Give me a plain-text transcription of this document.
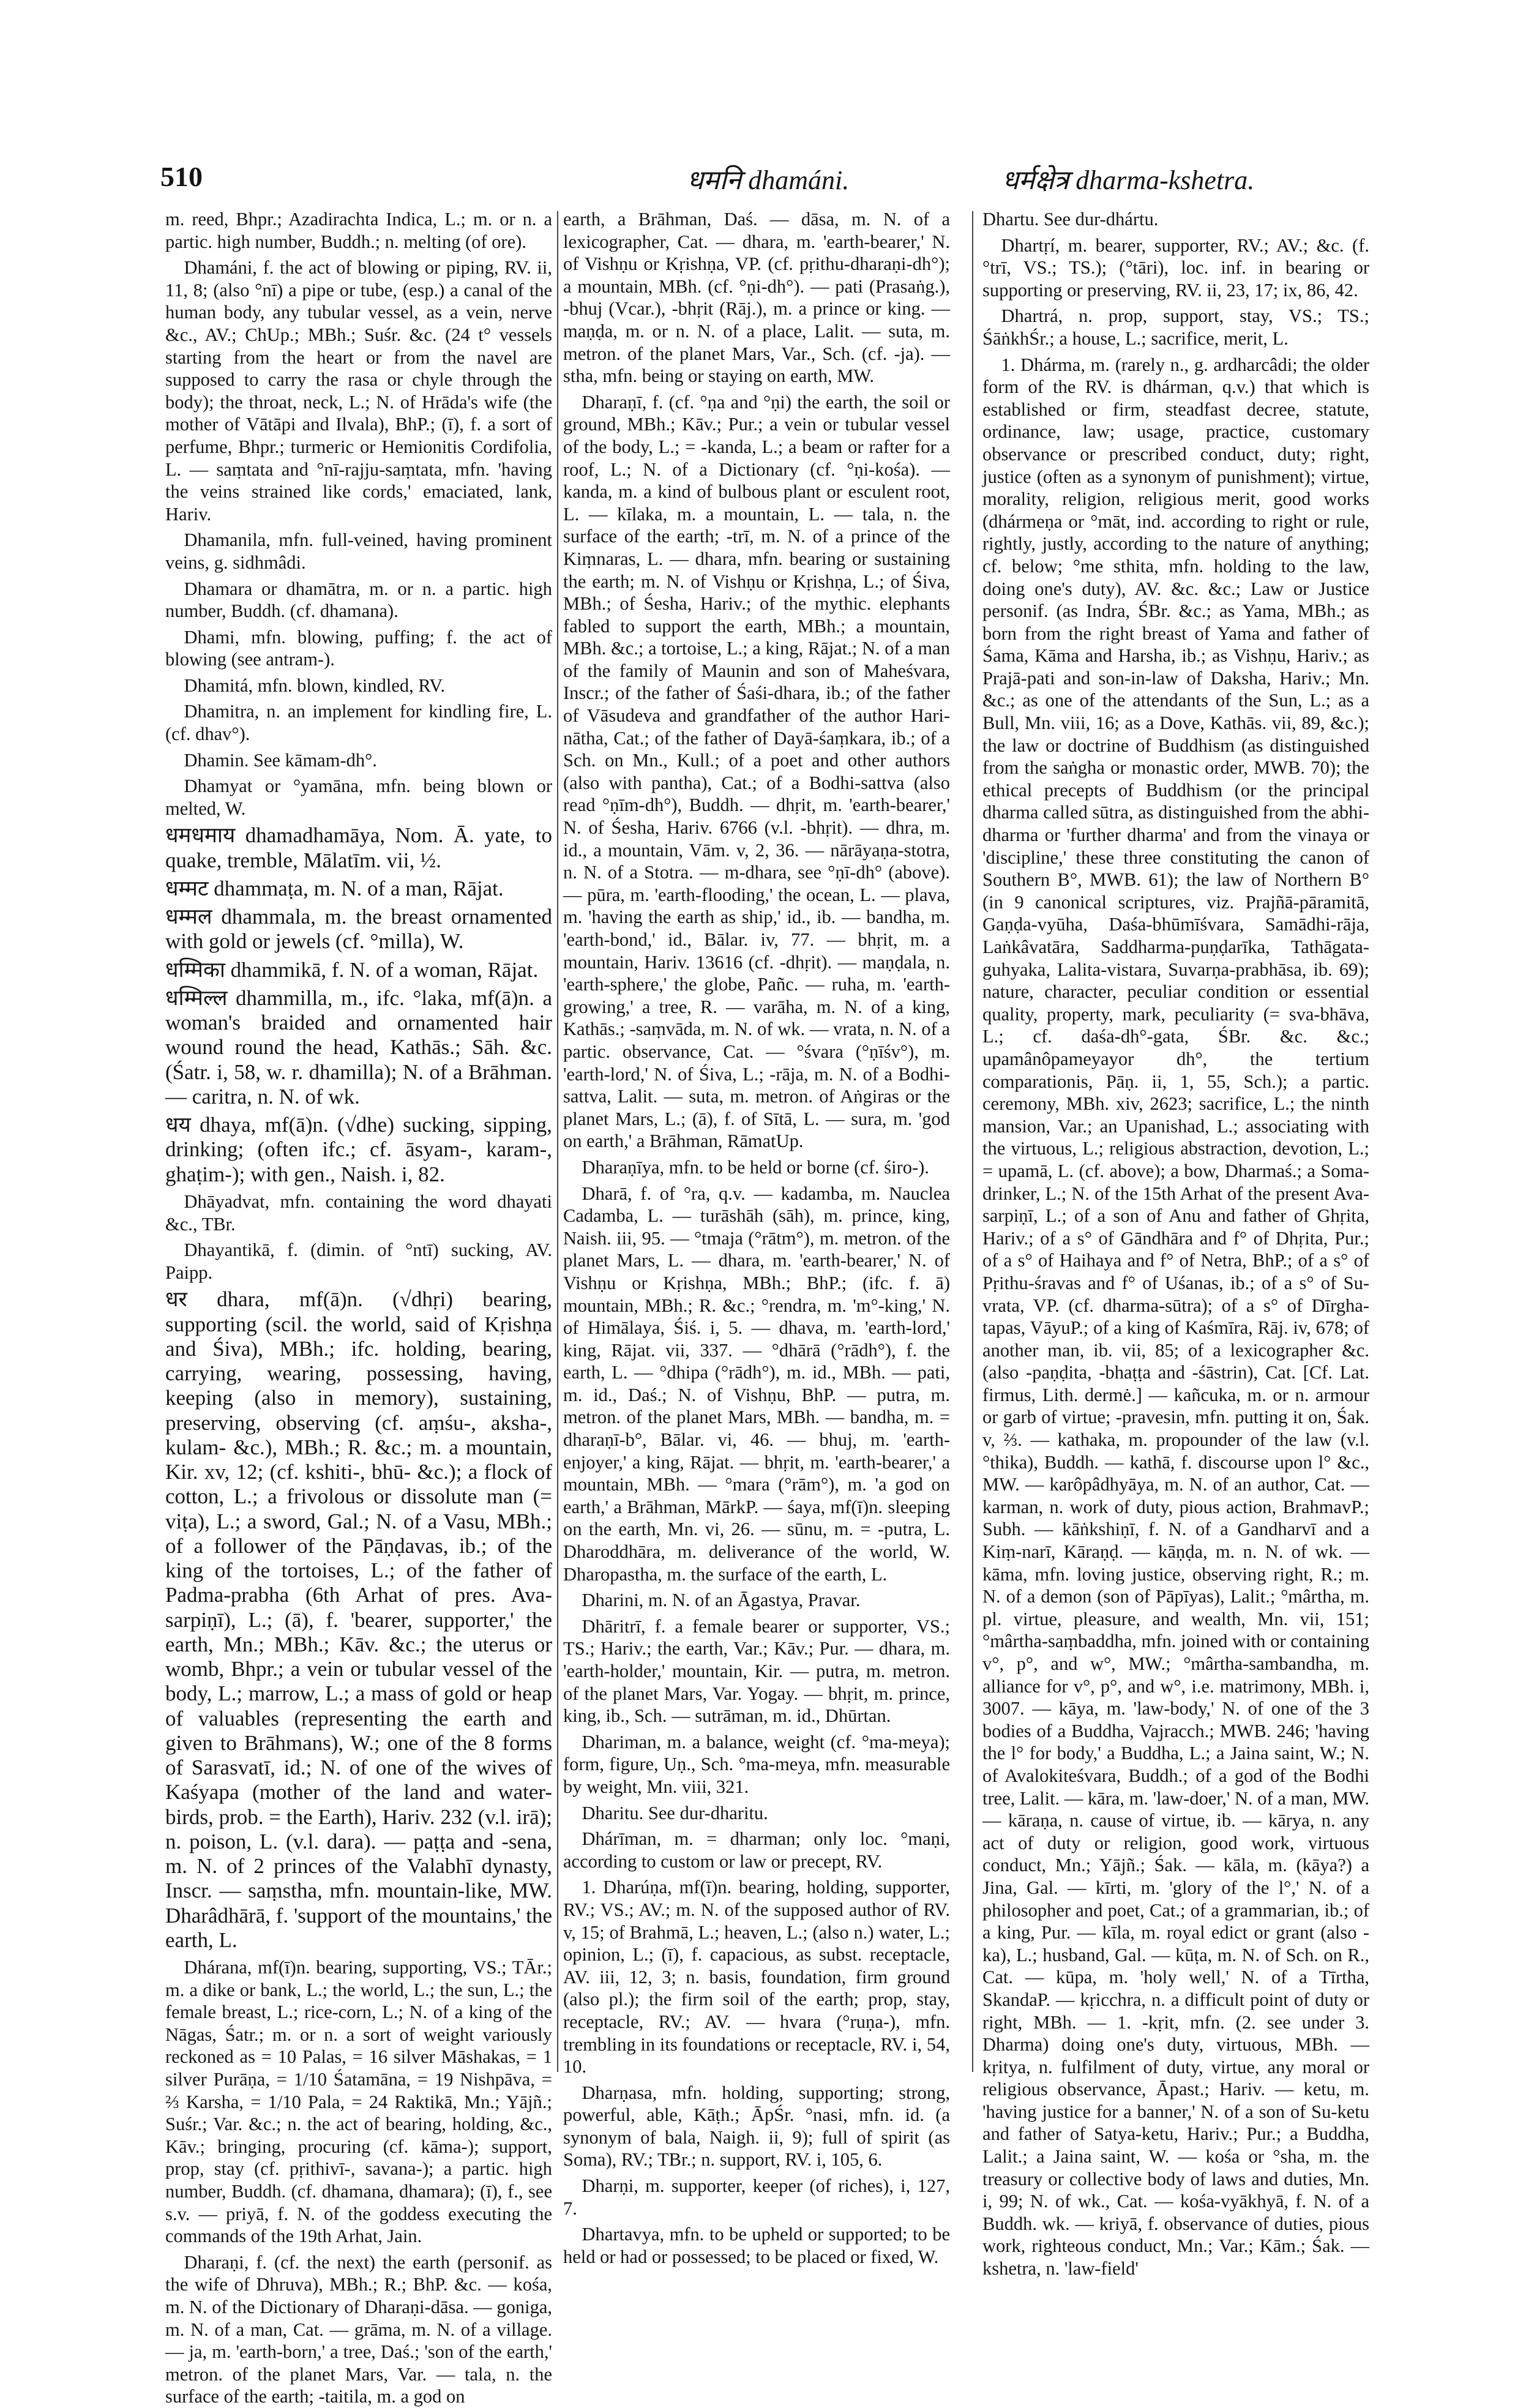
510	धमनि dhamáni.	धर्मक्षेत्र dharma-kshetra.

m. reed, Bhpr.; Azadirachta Indica, L.; m. or n. a partic. high number, Buddh.; n. melting (of ore).

Dhamáni, f. the act of blowing or piping, RV. ii, 11, 8; (also °nī) a pipe or tube, (esp.) a canal of the human body, any tubular vessel, as a vein, nerve &c., AV.; ChUp.; MBh.; Suśr. &c. (24 t° vessels starting from the heart or from the navel are supposed to carry the rasa or chyle through the body); the throat, neck, L.; N. of Hrāda's wife (the mother of Vātāpi and Ilvala), BhP.; (ī), f. a sort of perfume, Bhpr.; turmeric or Hemionitis Cordifolia, L. — saṃtata and °nī-rajju-saṃtata, mfn. 'having the veins strained like cords,' emaciated, lank, Hariv.

Dhamanila, mfn. full-veined, having prominent veins, g. sidhmâdi.

Dhamara or dhamātra, m. or n. a partic. high number, Buddh. (cf. dhamana).

Dhami, mfn. blowing, puffing; f. the act of blowing (see antram-).

Dhamitá, mfn. blown, kindled, RV.

Dhamitra, n. an implement for kindling fire, L. (cf. dhav°).

Dhamin. See kāmam-dh°.

Dhamyat or °yamāna, mfn. being blown or melted, W.

धमधमाय dhamadhamāya, Nom. Ā. yate, to quake, tremble, Mālatīm. vii, ½.

धम्मट dhammaṭa, m. N. of a man, Rājat.

धम्मल dhammala, m. the breast ornamented with gold or jewels (cf. °milla), W.

धम्मिका dhammikā, f. N. of a woman, Rājat.

धम्मिल्ल dhammilla, m., ifc. °laka, mf(ā)n. a woman's braided and ornamented hair wound round the head, Kathās.; Sāh. &c. (Śatr. i, 58, w. r. dhamilla); N. of a Brāhman. — caritra, n. N. of wk.

धय dhaya, mf(ā)n. (√dhe) sucking, sipping, drinking; (often ifc.; cf. āsyam-, karam-, ghaṭim-); with gen., Naish. i, 82.

Dhāyadvat, mfn. containing the word dhayati &c., TBr.

Dhayantikā, f. (dimin. of °ntī) sucking, AV. Paipp.

धर dhara, mf(ā)n. (√dhṛi) bearing, supporting (scil. the world, said of Kṛishṇa and Śiva), MBh.; ifc. holding, bearing, carrying, wearing, possessing, having, keeping (also in memory), sustaining, preserving, observing (cf. aṃśu-, aksha-, kulam- &c.), MBh.; R. &c.; m. a mountain, Kir. xv, 12; (cf. kshiti-, bhū- &c.); a flock of cotton, L.; a frivolous or dissolute man (= viṭa), L.; a sword, Gal.; N. of a Vasu, MBh.; of a follower of the Pāṇḍavas, ib.; of the king of the tortoises, L.; of the father of Padma-prabha (6th Arhat of pres. Ava-sarpiṇī), L.; (ā), f. 'bearer, supporter,' the earth, Mn.; MBh.; Kāv. &c.; the uterus or womb, Bhpr.; a vein or tubular vessel of the body, L.; marrow, L.; a mass of gold or heap of valuables (representing the earth and given to Brāhmans), W.; one of the 8 forms of Sarasvatī, id.; N. of one of the wives of Kaśyapa (mother of the land and water-birds, prob. = the Earth), Hariv. 232 (v.l. irā); n. poison, L. (v.l. dara). — paṭṭa and -sena, m. N. of 2 princes of the Valabhī dynasty, Inscr. — saṃstha, mfn. mountain-like, MW. Dharâdhārā, f. 'support of the mountains,' the earth, L.

Dhárana, mf(ī)n. bearing, supporting, VS.; TĀr.; m. a dike or bank, L.; the world, L.; the sun, L.; the female breast, L.; rice-corn, L.; N. of a king of the Nāgas, Śatr.; m. or n. a sort of weight variously reckoned as = 10 Palas, = 16 silver Māshakas, = 1 silver Purāṇa, = 1/10 Śatamāna, = 19 Nishpāva, = ⅔ Karsha, = 1/10 Pala, = 24 Raktikā, Mn.; Yājñ.; Suśr.; Var. &c.; n. the act of bearing, holding, &c., Kāv.; bringing, procuring (cf. kāma-); support, prop, stay (cf. pṛithivī-, savana-); a partic. high number, Buddh. (cf. dhamana, dhamara); (ī), f., see s.v. — priyā, f. N. of the goddess executing the commands of the 19th Arhat, Jain.

Dharaṇi, f. (cf. the next) the earth (personif. as the wife of Dhruva), MBh.; R.; BhP. &c. — kośa, m. N. of the Dictionary of Dharaṇi-dāsa. — goniga, m. N. of a man, Cat. — grāma, m. N. of a village. — ja, m. 'earth-born,' a tree, Daś.; 'son of the earth,' metron. of the planet Mars, Var. — tala, n. the surface of the earth; -taitila, m. a god on

earth, a Brāhman, Daś. — dāsa, m. N. of a lexicographer, Cat. — dhara, m. 'earth-bearer,' N. of Vishṇu or Kṛishṇa, VP. (cf. pṛithu-dharaṇi-dh°); a mountain, MBh. (cf. °ṇi-dh°). — pati (Prasaṅg.), -bhuj (Vcar.), -bhṛit (Rāj.), m. a prince or king. — maṇḍa, m. or n. N. of a place, Lalit. — suta, m. metron. of the planet Mars, Var., Sch. (cf. -ja). — stha, mfn. being or staying on earth, MW.

Dharaṇī, f. (cf. °ṇa and °ṇi) the earth, the soil or ground, MBh.; Kāv.; Pur.; a vein or tubular vessel of the body, L.; = -kanda, L.; a beam or rafter for a roof, L.; N. of a Dictionary (cf. °ṇi-kośa). — kanda, m. a kind of bulbous plant or esculent root, L. — kīlaka, m. a mountain, L. — tala, n. the surface of the earth; -trī, m. N. of a prince of the Kiṃnaras, L. — dhara, mfn. bearing or sustaining the earth; m. N. of Vishṇu or Kṛishṇa, L.; of Śiva, MBh.; of Śesha, Hariv.; of the mythic. elephants fabled to support the earth, MBh.; a mountain, MBh. &c.; a tortoise, L.; a king, Rājat.; N. of a man of the family of Maunin and son of Maheśvara, Inscr.; of the father of Śaśi-dhara, ib.; of the father of Vāsudeva and grandfather of the author Hari-nātha, Cat.; of the father of Dayā-śaṃkara, ib.; of a Sch. on Mn., Kull.; of a poet and other authors (also with pantha), Cat.; of a Bodhi-sattva (also read °ṇīm-dh°), Buddh. — dhṛit, m. 'earth-bearer,' N. of Śesha, Hariv. 6766 (v.l. -bhṛit). — dhra, m. id., a mountain, Vām. v, 2, 36. — nārāyaṇa-stotra, n. N. of a Stotra. — m-dhara, see °ṇī-dh° (above). — pūra, m. 'earth-flooding,' the ocean, L. — plava, m. 'having the earth as ship,' id., ib. — bandha, m. 'earth-bond,' id., Bālar. iv, 77. — bhṛit, m. a mountain, Hariv. 13616 (cf. -dhṛit). — maṇḍala, n. 'earth-sphere,' the globe, Pañc. — ruha, m. 'earth-growing,' a tree, R. — varāha, m. N. of a king, Kathās.; -saṃvāda, m. N. of wk. — vrata, n. N. of a partic. observance, Cat. — °śvara (°ṇīśv°), m. 'earth-lord,' N. of Śiva, L.; -rāja, m. N. of a Bodhi-sattva, Lalit. — suta, m. metron. of Aṅgiras or the planet Mars, L.; (ā), f. of Sītā, L. — sura, m. 'god on earth,' a Brāhman, RāmatUp.

Dharaṇīya, mfn. to be held or borne (cf. śiro-).

Dharā, f. of °ra, q.v. — kadamba, m. Nauclea Cadamba, L. — turāshāh (sāh), m. prince, king, Naish. iii, 95. — °tmaja (°rātm°), m. metron. of the planet Mars, L. — dhara, m. 'earth-bearer,' N. of Vishṇu or Kṛishṇa, MBh.; BhP.; (ifc. f. ā) mountain, MBh.; R. &c.; °rendra, m. 'm°-king,' N. of Himālaya, Śiś. i, 5. — dhava, m. 'earth-lord,' king, Rājat. vii, 337. — °dhārā (°rādh°), f. the earth, L. — °dhipa (°rādh°), m. id., MBh. — pati, m. id., Daś.; N. of Vishṇu, BhP. — putra, m. metron. of the planet Mars, MBh. — bandha, m. = dharaṇī-b°, Bālar. vi, 46. — bhuj, m. 'earth-enjoyer,' a king, Rājat. — bhṛit, m. 'earth-bearer,' a mountain, MBh. — °mara (°rām°), m. 'a god on earth,' a Brāhman, MārkP. — śaya, mf(ī)n. sleeping on the earth, Mn. vi, 26. — sūnu, m. = -putra, L. Dharoddhāra, m. deliverance of the world, W. Dharopastha, m. the surface of the earth, L.

Dharini, m. N. of an Āgastya, Pravar.

Dhāritrī, f. a female bearer or supporter, VS.; TS.; Hariv.; the earth, Var.; Kāv.; Pur. — dhara, m. 'earth-holder,' mountain, Kir. — putra, m. metron. of the planet Mars, Var. Yogay. — bhṛit, m. prince, king, ib., Sch. — sutrāman, m. id., Dhūrtan.

Dhariman, m. a balance, weight (cf. °ma-meya); form, figure, Uṇ., Sch. °ma-meya, mfn. measurable by weight, Mn. viii, 321.

Dharitu. See dur-dharitu.

Dhárīman, m. = dharman; only loc. °maṇi, according to custom or law or precept, RV.

1. Dharúṇa, mf(ī)n. bearing, holding, supporter, RV.; VS.; AV.; m. N. of the supposed author of RV. v, 15; of Brahmā, L.; heaven, L.; (also n.) water, L.; opinion, L.; (ī), f. capacious, as subst. receptacle, AV. iii, 12, 3; n. basis, foundation, firm ground (also pl.); the firm soil of the earth; prop, stay, receptacle, RV.; AV. — hvara (°ruṇa-), mfn. trembling in its foundations or receptacle, RV. i, 54, 10.

Dharṇasa, mfn. holding, supporting; strong, powerful, able, Kāṭh.; ĀpŚr. °nasi, mfn. id. (a synonym of bala, Naigh. ii, 9); full of spirit (as Soma), RV.; TBr.; n. support, RV. i, 105, 6.

Dharṇi, m. supporter, keeper (of riches), i, 127, 7.

Dhartavya, mfn. to be upheld or supported; to be held or had or possessed; to be placed or fixed, W.

Dhartu. See dur-dhártu.

Dhartṛí, m. bearer, supporter, RV.; AV.; &c. (f. °trī, VS.; TS.); (°tāri), loc. inf. in bearing or supporting or preserving, RV. ii, 23, 17; ix, 86, 42.

Dhartrá, n. prop, support, stay, VS.; TS.; ŚāṅkhŚr.; a house, L.; sacrifice, merit, L.

1. Dhárma, m. (rarely n., g. ardharcâdi; the older form of the RV. is dhárman, q.v.) that which is established or firm, steadfast decree, statute, ordinance, law; usage, practice, customary observance or prescribed conduct, duty; right, justice (often as a synonym of punishment); virtue, morality, religion, religious merit, good works (dhármeṇa or °māt, ind. according to right or rule, rightly, justly, according to the nature of anything; cf. below; °me sthita, mfn. holding to the law, doing one's duty), AV. &c. &c.; Law or Justice personif. (as Indra, ŚBr. &c.; as Yama, MBh.; as born from the right breast of Yama and father of Śama, Kāma and Harsha, ib.; as Vishṇu, Hariv.; as Prajā-pati and son-in-law of Daksha, Hariv.; Mn. &c.; as one of the attendants of the Sun, L.; as a Bull, Mn. viii, 16; as a Dove, Kathās. vii, 89, &c.); the law or doctrine of Buddhism (as distinguished from the saṅgha or monastic order, MWB. 70); the ethical precepts of Buddhism (or the principal dharma called sūtra, as distinguished from the abhi-dharma or 'further dharma' and from the vinaya or 'discipline,' these three constituting the canon of Southern B°, MWB. 61); the law of Northern B° (in 9 canonical scriptures, viz. Prajñā-pāramitā, Gaṇḍa-vyūha, Daśa-bhūmīśvara, Samādhi-rāja, Laṅkâvatāra, Saddharma-puṇḍarīka, Tathāgata-guhyaka, Lalita-vistara, Suvarṇa-prabhāsa, ib. 69); nature, character, peculiar condition or essential quality, property, mark, peculiarity (= sva-bhāva, L.; cf. daśa-dh°-gata, ŚBr. &c. &c.; upamânôpameyayor dh°, the tertium comparationis, Pāṇ. ii, 1, 55, Sch.); a partic. ceremony, MBh. xiv, 2623; sacrifice, L.; the ninth mansion, Var.; an Upanishad, L.; associating with the virtuous, L.; religious abstraction, devotion, L.; = upamā, L. (cf. above); a bow, Dharmaś.; a Soma-drinker, L.; N. of the 15th Arhat of the present Ava-sarpiṇī, L.; of a son of Anu and father of Ghṛita, Hariv.; of a s° of Gāndhāra and f° of Dhṛita, Pur.; of a s° of Haihaya and f° of Netra, BhP.; of a s° of Pṛithu-śravas and f° of Uśanas, ib.; of a s° of Su-vrata, VP. (cf. dharma-sūtra); of a s° of Dīrgha-tapas, VāyuP.; of a king of Kaśmīra, Rāj. iv, 678; of another man, ib. vii, 85; of a lexicographer &c. (also -paṇḍita, -bhaṭṭa and -śāstrin), Cat. [Cf. Lat. firmus, Lith. dermė.] — kañcuka, m. or n. armour or garb of virtue; -pravesin, mfn. putting it on, Śak. v, ⅔. — kathaka, m. propounder of the law (v.l. °thika), Buddh. — kathā, f. discourse upon l° &c., MW. — karôpâdhyāya, m. N. of an author, Cat. — karman, n. work of duty, pious action, BrahmavP.; Subh. — kāṅkshiṇī, f. N. of a Gandharvī and a Kiṃ-narī, Kāraṇḍ. — kāṇḍa, m. n. N. of wk. — kāma, mfn. loving justice, observing right, R.; m. N. of a demon (son of Pāpīyas), Lalit.; °mârtha, m. pl. virtue, pleasure, and wealth, Mn. vii, 151; °mârtha-saṃbaddha, mfn. joined with or containing v°, p°, and w°, MW.; °mârtha-sambandha, m. alliance for v°, p°, and w°, i.e. matrimony, MBh. i, 3007. — kāya, m. 'law-body,' N. of one of the 3 bodies of a Buddha, Vajracch.; MWB. 246; 'having the l° for body,' a Buddha, L.; a Jaina saint, W.; N. of Avalokiteśvara, Buddh.; of a god of the Bodhi tree, Lalit. — kāra, m. 'law-doer,' N. of a man, MW. — kāraṇa, n. cause of virtue, ib. — kārya, n. any act of duty or religion, good work, virtuous conduct, Mn.; Yājñ.; Śak. — kāla, m. (kāya?) a Jina, Gal. — kīrti, m. 'glory of the l°,' N. of a philosopher and poet, Cat.; of a grammarian, ib.; of a king, Pur. — kīla, m. royal edict or grant (also -ka), L.; husband, Gal. — kūṭa, m. N. of Sch. on R., Cat. — kūpa, m. 'holy well,' N. of a Tīrtha, SkandaP. — kṛicchra, n. a difficult point of duty or right, MBh. — 1. -kṛit, mfn. (2. see under 3. Dharma) doing one's duty, virtuous, MBh. — kṛitya, n. fulfilment of duty, virtue, any moral or religious observance, Āpast.; Hariv. — ketu, m. 'having justice for a banner,' N. of a son of Su-ketu and father of Satya-ketu, Hariv.; Pur.; a Buddha, Lalit.; a Jaina saint, W. — kośa or °sha, m. the treasury or collective body of laws and duties, Mn. i, 99; N. of wk., Cat. — kośa-vyākhyā, f. N. of a Buddh. wk. — kriyā, f. observance of duties, pious work, righteous conduct, Mn.; Var.; Kām.; Śak. — kshetra, n. 'law-field'
